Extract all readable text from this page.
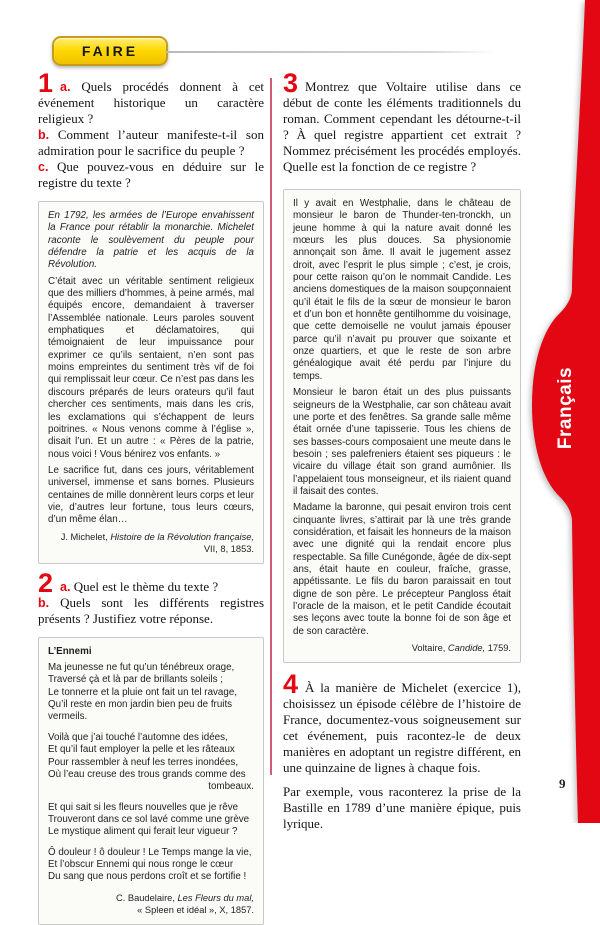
FAIRE

1 a. Quels procédés donnent à cet événement historique un caractère religieux ?

b. Comment l’auteur manifeste-t-il son admiration pour le sacrifice du peuple ?

c. Que pouvez-vous en déduire sur le registre du texte ?

En 1792, les armées de l’Europe envahissent la France pour rétablir la monarchie. Michelet raconte le soulèvement du peuple pour défendre la patrie et les acquis de la Révolution.

C’était avec un véritable sentiment religieux que des milliers d’hommes, à peine armés, mal équipés encore, demandaient à traverser l’Assemblée nationale. Leurs paroles souvent emphatiques et déclamatoires, qui témoignaient de leur impuissance pour exprimer ce qu’ils sentaient, n’en sont pas moins empreintes du sentiment très vif de foi qui remplissait leur cœur. Ce n’est pas dans les discours préparés de leurs orateurs qu’il faut chercher ces sentiments, mais dans les cris, les exclamations qui s’échappent de leurs poitrines. « Nous venons comme à l’église », disait l’un. Et un autre : « Pères de la patrie, nous voici ! Vous bénirez vos enfants. »

Le sacrifice fut, dans ces jours, véritablement universel, immense et sans bornes. Plusieurs centaines de mille donnèrent leurs corps et leur vie, d’autres leur fortune, tous leurs cœurs, d’un même élan…

J. Michelet, Histoire de la Révolution française,
VII, 8, 1853.

2 a. Quel est le thème du texte ?

b. Quels sont les différents registres présents ? Justifiez votre réponse.

L’Ennemi

Ma jeunesse ne fut qu’un ténébreux orage,
Traversé çà et là par de brillants soleils ;
Le tonnerre et la pluie ont fait un tel ravage,
Qu’il reste en mon jardin bien peu de fruits vermeils.
Voilà que j’ai touché l’automne des idées,
Et qu’il faut employer la pelle et les râteaux
Pour rassembler à neuf les terres inondées,
Où l’eau creuse des trous grands comme des
tombeaux.
Et qui sait si les fleurs nouvelles que je rêve
Trouveront dans ce sol lavé comme une grève
Le mystique aliment qui ferait leur vigueur ?
Ô douleur ! ô douleur ! Le Temps mange la vie,
Et l’obscur Ennemi qui nous ronge le cœur
Du sang que nous perdons croît et se fortifie !
C. Baudelaire, Les Fleurs du mal,
« Spleen et idéal », X, 1857.

3 Montrez que Voltaire utilise dans ce début de conte les éléments traditionnels du roman. Comment cependant les détourne-t-il ? À quel registre appartient cet extrait ? Nommez précisément les procédés employés. Quelle est la fonction de ce registre ?

Il y avait en Westphalie, dans le château de monsieur le baron de Thunder-ten-tronckh, un jeune homme à qui la nature avait donné les mœurs les plus douces. Sa physionomie annonçait son âme. Il avait le jugement assez droit, avec l’esprit le plus simple ; c’est, je crois, pour cette raison qu’on le nommait Candide. Les anciens domestiques de la maison soupçonnaient qu’il était le fils de la sœur de monsieur le baron et d’un bon et honnête gentilhomme du voisinage, que cette demoiselle ne voulut jamais épouser parce qu’il n’avait pu prouver que soixante et onze quartiers, et que le reste de son arbre généalogique avait été perdu par l’injure du temps.

Monsieur le baron était un des plus puissants seigneurs de la Westphalie, car son château avait une porte et des fenêtres. Sa grande salle même était ornée d’une tapisserie. Tous les chiens de ses basses-cours composaient une meute dans le besoin ; ses palefreniers étaient ses piqueurs : le vicaire du village était son grand aumônier. Ils l’appelaient tous monseigneur, et ils riaient quand il faisait des contes.

Madame la baronne, qui pesait environ trois cent cinquante livres, s’attirait par là une très grande considération, et faisait les honneurs de la maison avec une dignité qui la rendait encore plus respectable. Sa fille Cunégonde, âgée de dix-sept ans, était haute en couleur, fraîche, grasse, appétissante. Le fils du baron paraissait en tout digne de son père. Le précepteur Pangloss était l’oracle de la maison, et le petit Candide écoutait ses leçons avec toute la bonne foi de son âge et de son caractère.

Voltaire, Candide, 1759.

4 À la manière de Michelet (exercice 1), choisissez un épisode célèbre de l’histoire de France, documentez-vous soigneusement sur cet événement, puis racontez-le de deux manières en adoptant un registre différent, en une quinzaine de lignes à chaque fois.

Par exemple, vous raconterez la prise de la Bastille en 1789 d’une manière épique, puis lyrique.

Français
9
